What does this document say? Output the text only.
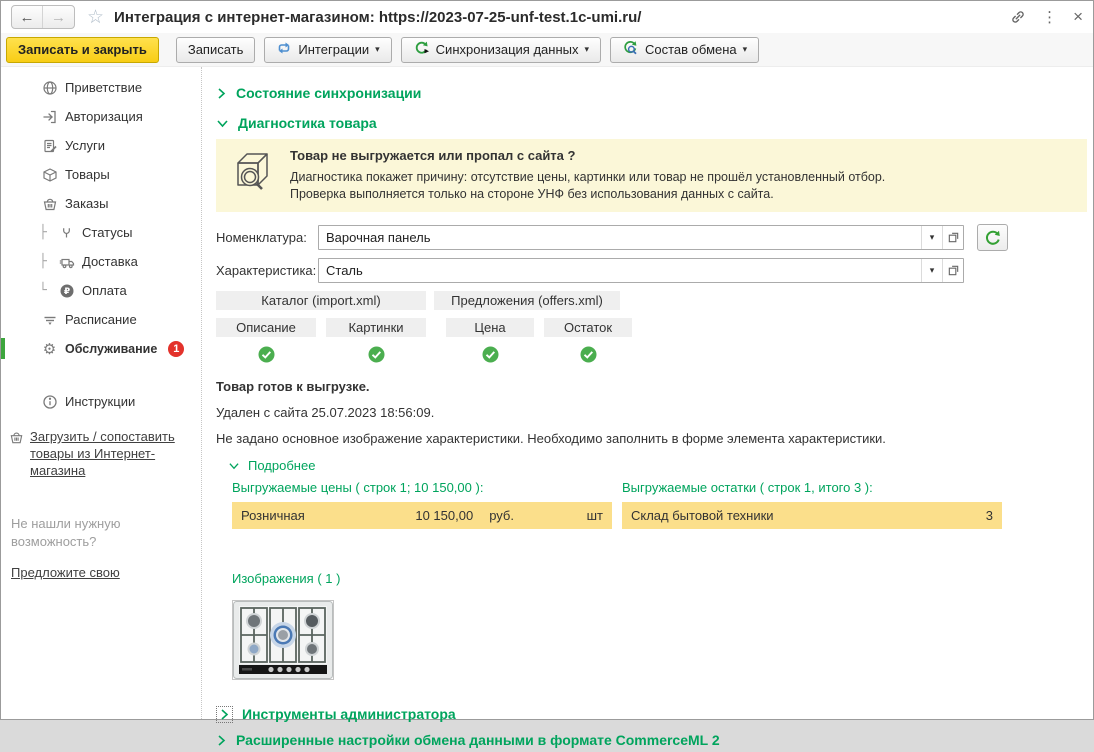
← → ☆ Интеграция с интернет-магазином: https://2023-07-25-unf-test.1c-umi.ru/	⋮ ×
Записать и закрыть	Записать	Интеграции ▾	Синхронизация данных ▾	Состав обмена ▾
Приветствие
Авторизация
Услуги
Товары
Заказы
├	Статусы
├	Доставка
└	₽ Оплата
Расписание
⚙ Обслуживание	1
Инструкции
Загрузить / сопоставить товары из Интернет-магазина
Не нашли нужную возможность?
Предложите свою
Состояние синхронизации
Диагностика товара
Товар не выгружается или пропал с сайта ?
Диагностика покажет причину: отсутствие цены, картинки или товар не прошёл установленный отбор.
Проверка выполняется только на стороне УНФ без использования данных с сайта.
Номенклатура:
Варочная панель	▾
Характеристика:
Сталь	▾
Каталог (import.xml)	Предложения (offers.xml)
Описание	Картинки	Цена	Остаток
Товар готов к выгрузке.
Удален с сайта 25.07.2023 18:56:09.
Не задано основное изображение характеристики. Необходимо заполнить в форме элемента характеристики.
Подробнее
Выгружаемые цены ( строк 1; 10 150,00 ):
Розничная	10 150,00 руб.	шт
Выгружаемые остатки ( строк 1, итого 3 ):
Склад бытовой техники	3
Изображения ( 1 )
Инструменты администратора
Расширенные настройки обмена данными в формате CommerceML 2
